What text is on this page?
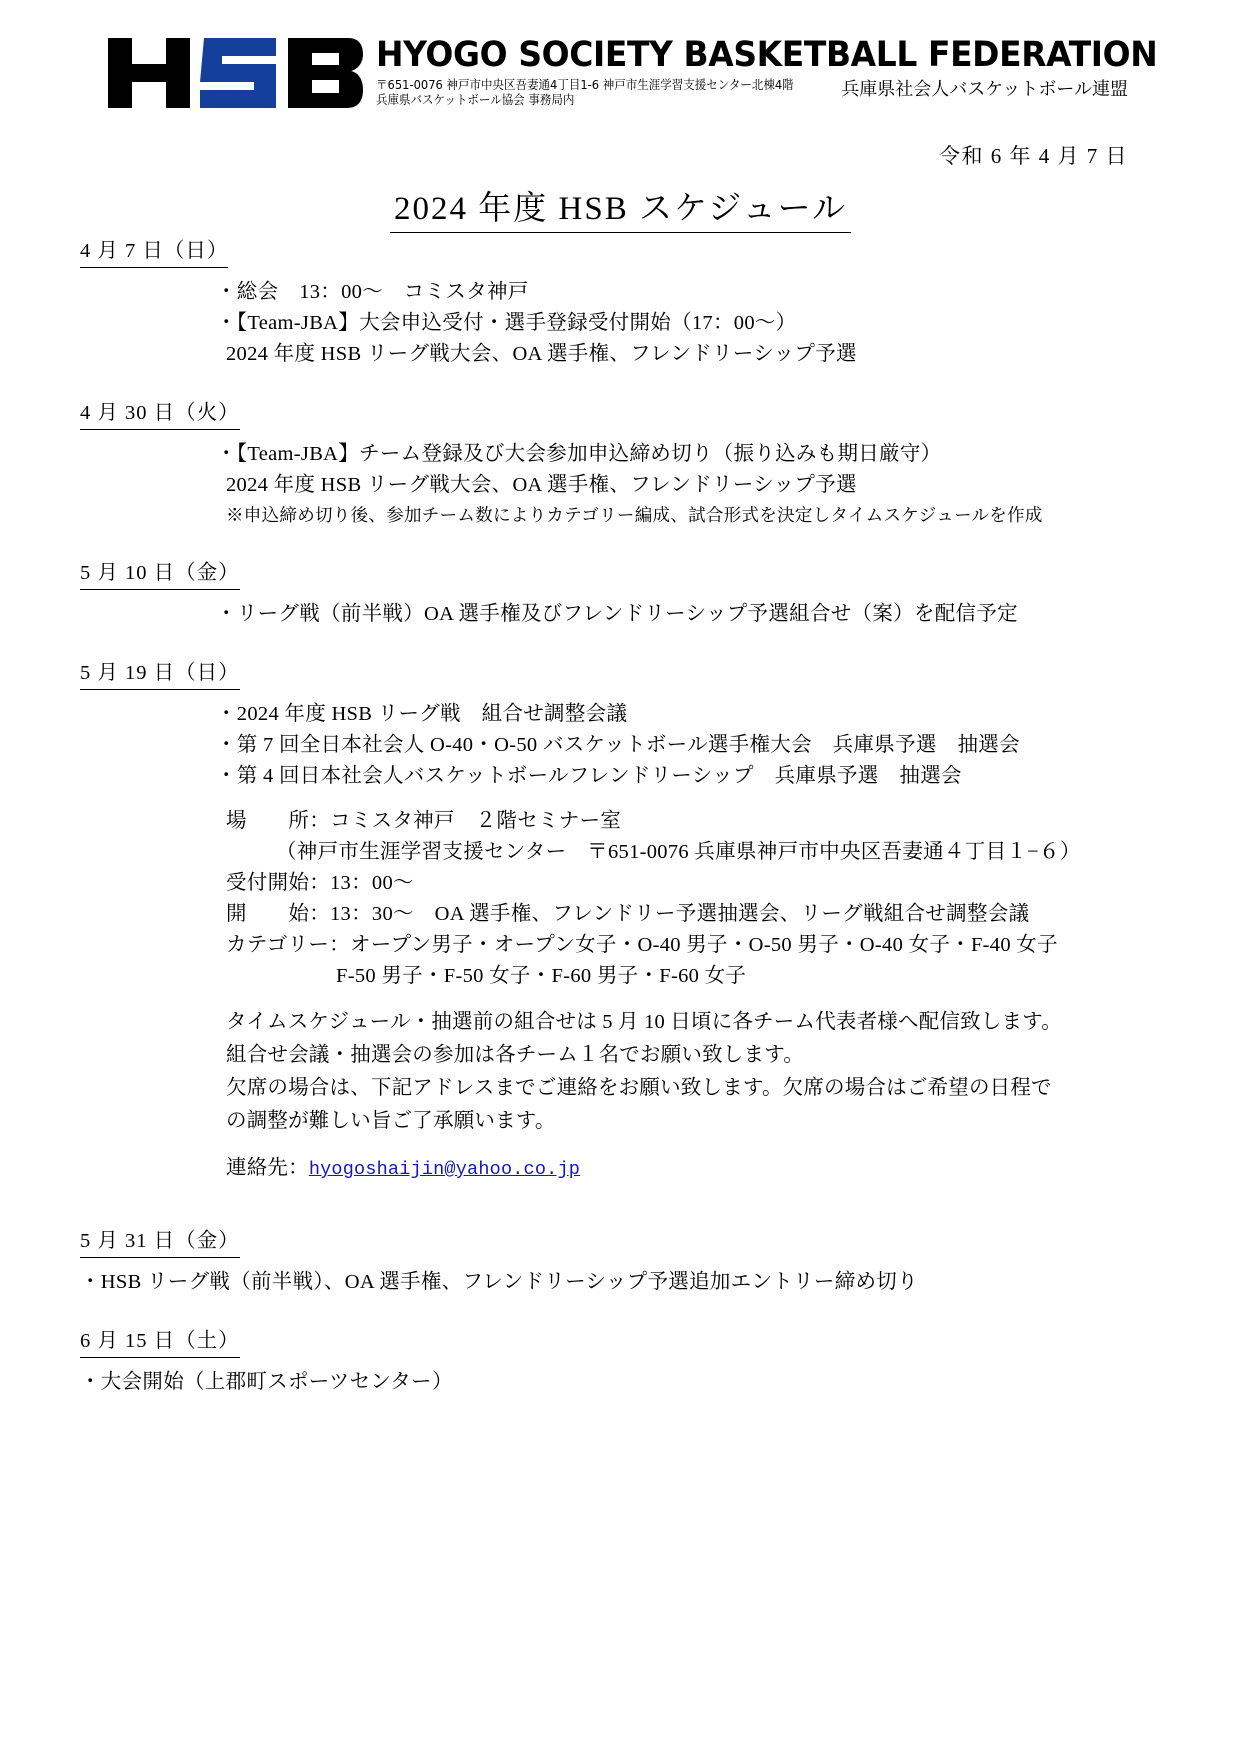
HYOGO SOCIETY BASKETBALL FEDERATION
〒651-0076 神戸市中央区吾妻通4丁目1-6 神戸市生涯学習支援センター北棟4階
兵庫県バスケットボール協会 事務局内	兵庫県社会人バスケットボール連盟
令和 6 年 4 月 7 日
2024 年度 HSB スケジュール
4 月 7 日（日）
・総会　13：00～　コミスタ神戸
・【Team-JBA】大会申込受付・選手登録受付開始（17：00～）
2024 年度 HSB リーグ戦大会、OA 選手権、フレンドリーシップ予選
4 月 30 日（火）
・【Team-JBA】チーム登録及び大会参加申込締め切り（振り込みも期日厳守）
2024 年度 HSB リーグ戦大会、OA 選手権、フレンドリーシップ予選
※申込締め切り後、参加チーム数によりカテゴリー編成、試合形式を決定しタイムスケジュールを作成
5 月 10 日（金）
・リーグ戦（前半戦）OA 選手権及びフレンドリーシップ予選組合せ（案）を配信予定
5 月 19 日（日）
・2024 年度 HSB リーグ戦　組合せ調整会議
・第 7 回全日本社会人 O-40・O-50 バスケットボール選手権大会　兵庫県予選　抽選会
・第 4 回日本社会人バスケットボールフレンドリーシップ　兵庫県予選　抽選会
場　　所：コミスタ神戸　２階セミナー室
（神戸市生涯学習支援センター　〒651-0076 兵庫県神戸市中央区吾妻通４丁目１−６）
受付開始：13：00～
開　　始：13：30～　OA 選手権、フレンドリー予選抽選会、リーグ戦組合せ調整会議
カテゴリー：オープン男子・オープン女子・O-40 男子・O-50 男子・O-40 女子・F-40 女子
F-50 男子・F-50 女子・F-60 男子・F-60 女子
タイムスケジュール・抽選前の組合せは 5 月 10 日頃に各チーム代表者様へ配信致します。
組合せ会議・抽選会の参加は各チーム１名でお願い致します。
欠席の場合は、下記アドレスまでご連絡をお願い致します。欠席の場合はご希望の日程での調整が難しい旨ご了承願います。
連絡先：hyogoshaijin@yahoo.co.jp
5 月 31 日（金）
・HSB リーグ戦（前半戦）、OA 選手権、フレンドリーシップ予選追加エントリー締め切り
6 月 15 日（土）
・大会開始（上郡町スポーツセンター）
